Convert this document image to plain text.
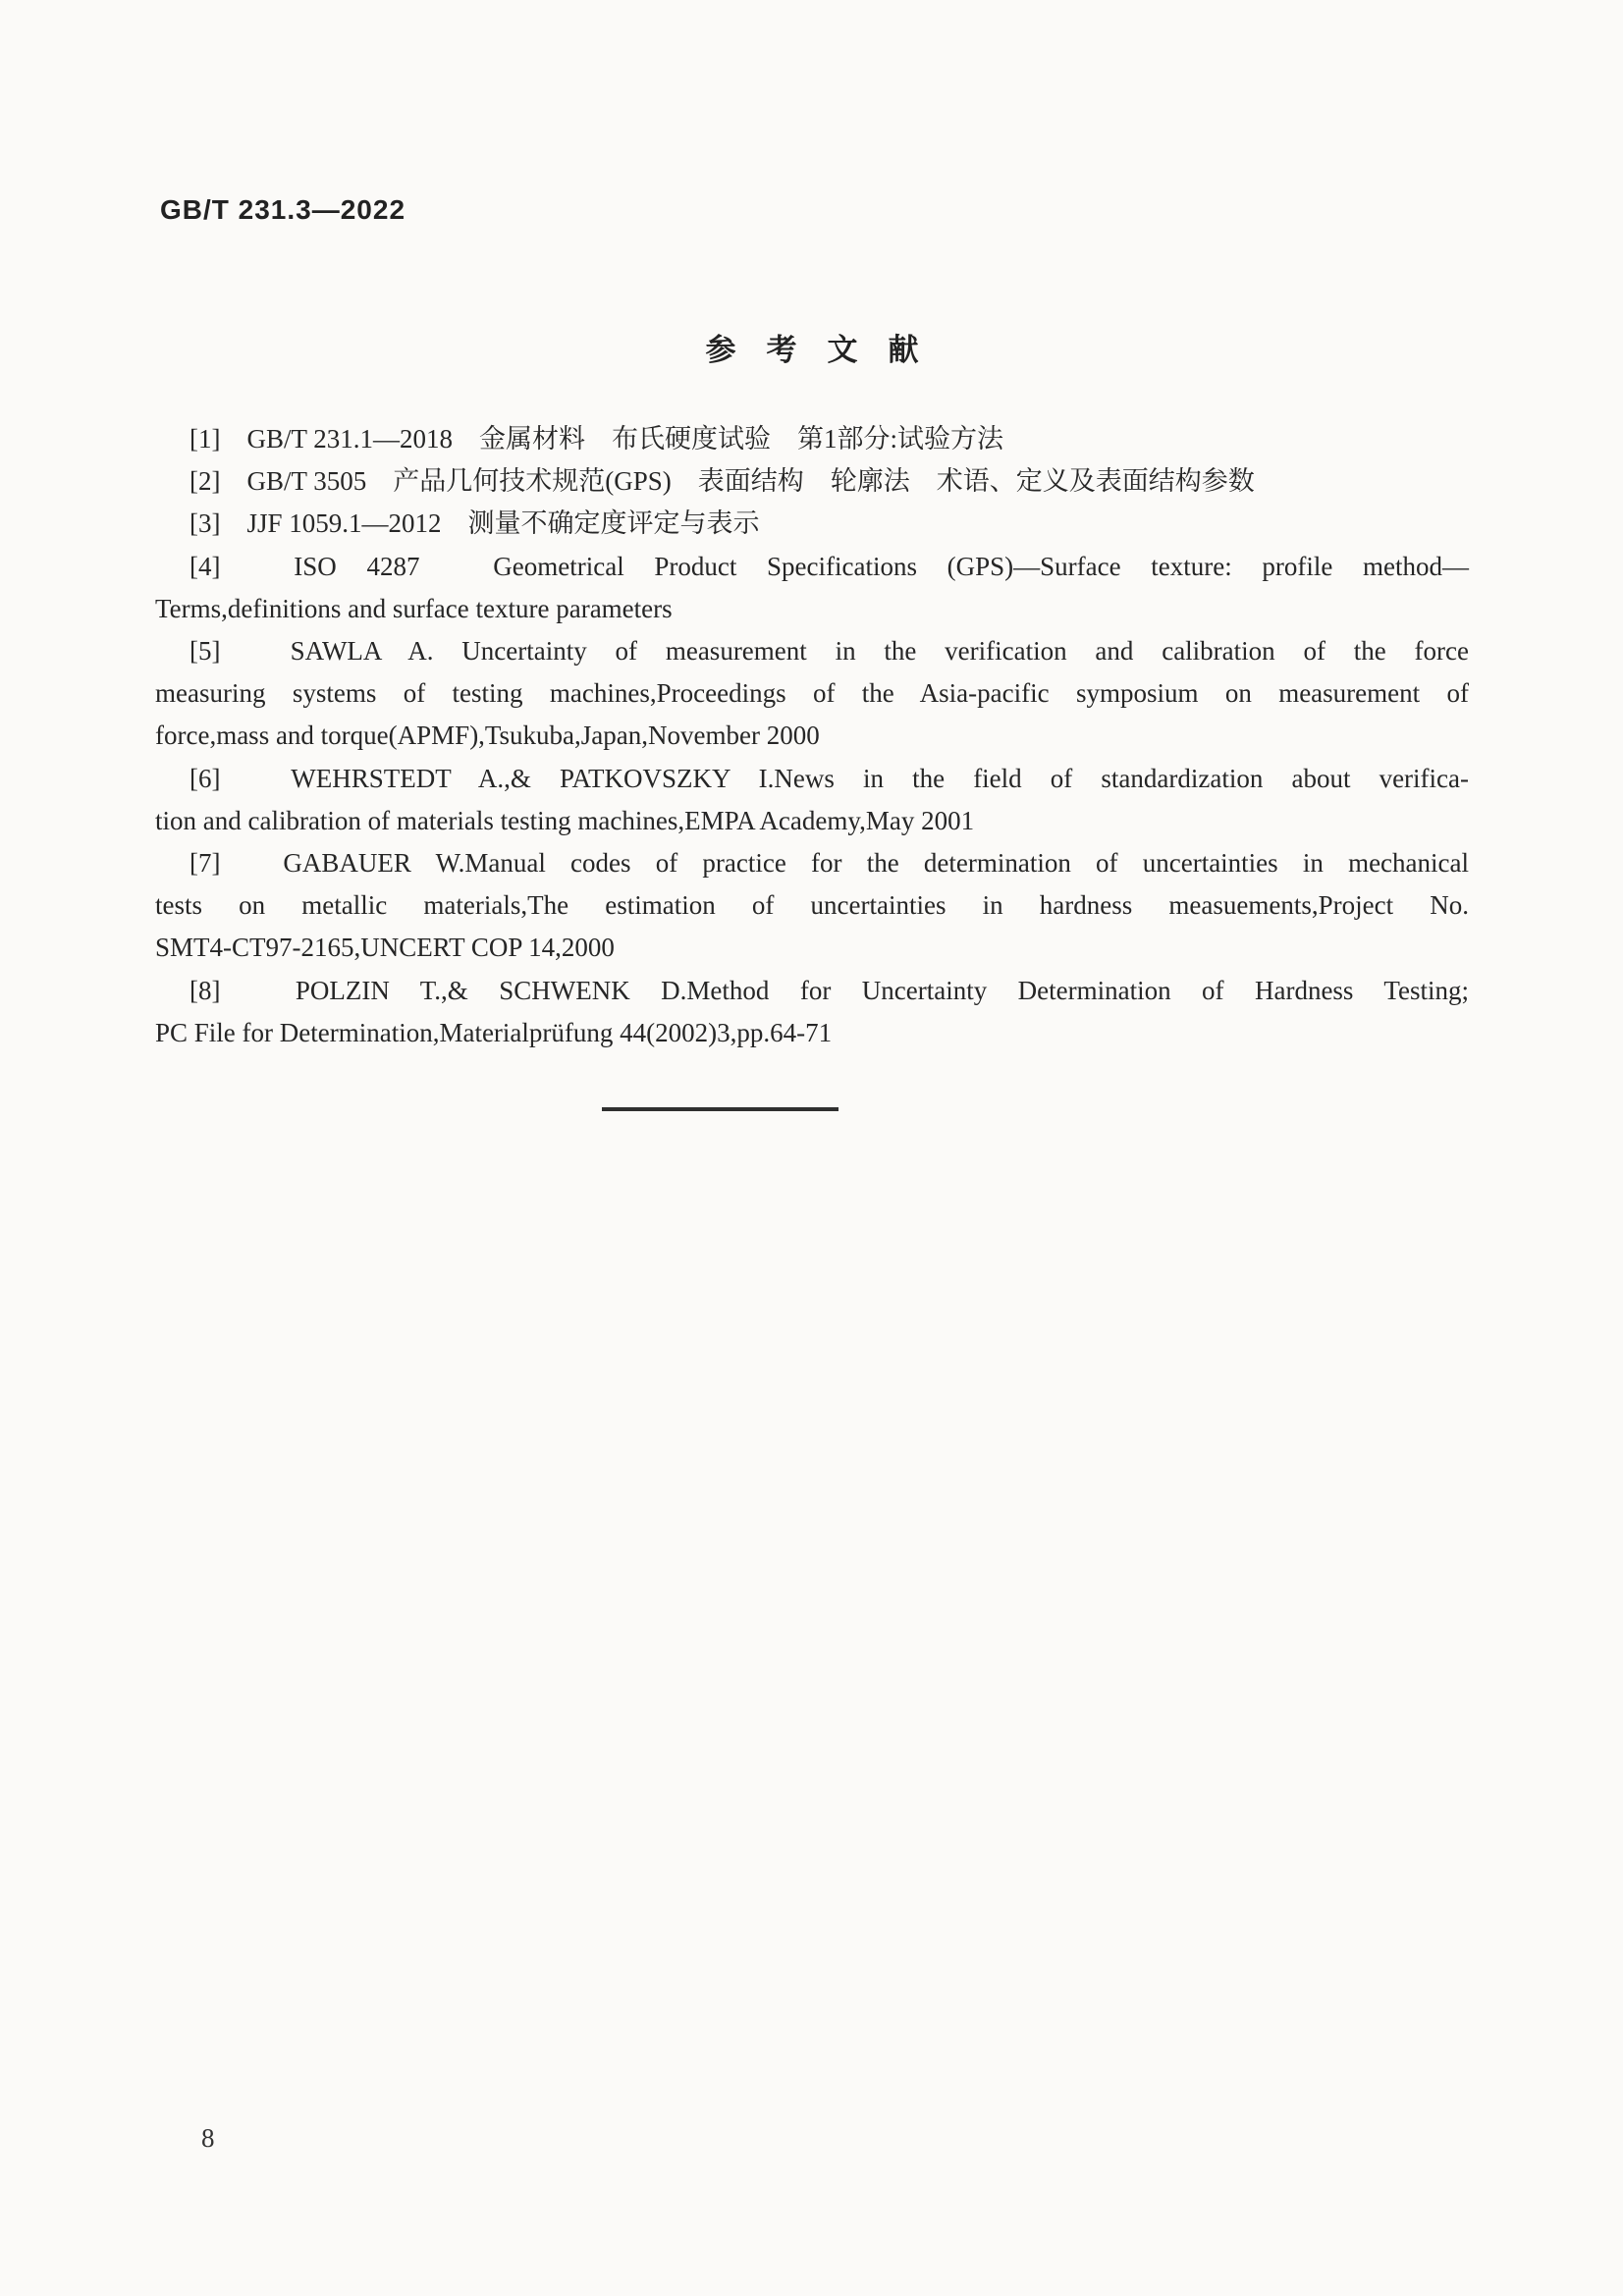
GB/T 231.3—2022
参　考　文　献
[1]　GB/T 231.1—2018　金属材料　布氏硬度试验　第1部分:试验方法
[2]　GB/T 3505　产品几何技术规范(GPS)　表面结构　轮廓法　术语、定义及表面结构参数
[3]　JJF 1059.1—2012　测量不确定度评定与表示
[4]　ISO 4287　Geometrical Product Specifications (GPS)—Surface texture: profile method—
Terms,definitions and surface texture parameters
[5]　SAWLA A. Uncertainty of measurement in the verification and calibration of the force
measuring systems of testing machines,Proceedings of the Asia-pacific symposium on measurement of
force,mass and torque(APMF),Tsukuba,Japan,November 2000
[6]　WEHRSTEDT A.,& PATKOVSZKY I.News in the field of standardization about verifica-
tion and calibration of materials testing machines,EMPA Academy,May 2001
[7]　GABAUER W.Manual codes of practice for the determination of uncertainties in mechanical
tests on metallic materials,The estimation of uncertainties in hardness measuements,Project No.
SMT4-CT97-2165,UNCERT COP 14,2000
[8]　POLZIN T.,& SCHWENK D.Method for Uncertainty Determination of Hardness Testing;
PC File for Determination,Materialprüfung 44(2002)3,pp.64-71
8
